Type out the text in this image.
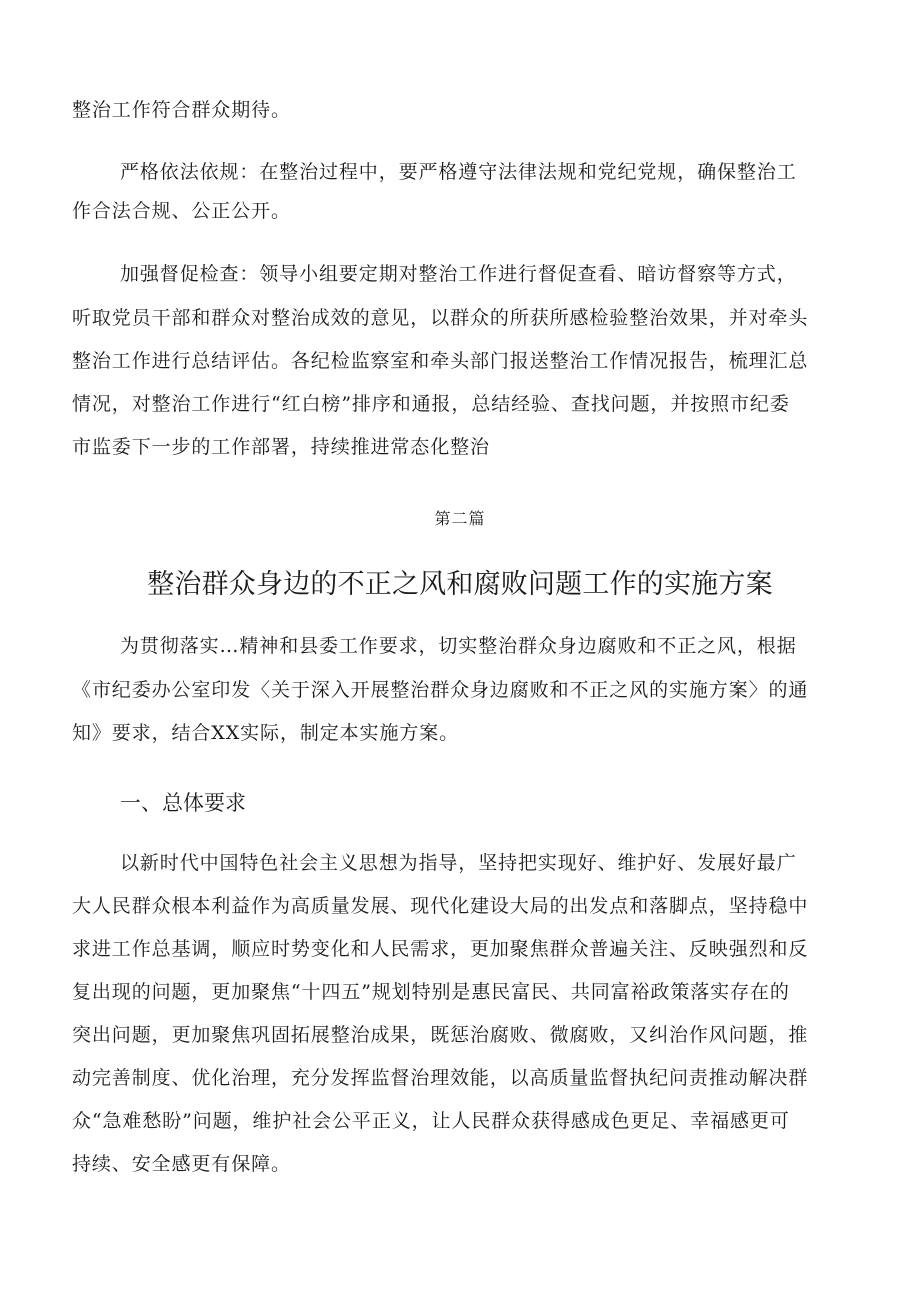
整治工作符合群众期待。
严格依法依规：在整治过程中，要严格遵守法律法规和党纪党规，确保整治工
作合法合规、公正公开。
加强督促检查：领导小组要定期对整治工作进行督促查看、暗访督察等方式，
听取党员干部和群众对整治成效的意见，以群众的所获所感检验整治效果，并对牵头
整治工作进行总结评估。各纪检监察室和牵头部门报送整治工作情况报告，梳理汇总
情况，对整治工作进行“红白榜”排序和通报，总结经验、查找问题，并按照市纪委
市监委下一步的工作部署，持续推进常态化整治
第二篇
整治群众身边的不正之风和腐败问题工作的实施方案
为贯彻落实…精神和县委工作要求，切实整治群众身边腐败和不正之风，根据
《市纪委办公室印发〈关于深入开展整治群众身边腐败和不正之风的实施方案〉的通
知》要求，结合XX实际，制定本实施方案。
一、总体要求
以新时代中国特色社会主义思想为指导，坚持把实现好、维护好、发展好最广
大人民群众根本利益作为高质量发展、现代化建设大局的出发点和落脚点，坚持稳中
求进工作总基调，顺应时势变化和人民需求，更加聚焦群众普遍关注、反映强烈和反
复出现的问题，更加聚焦“十四五”规划特别是惠民富民、共同富裕政策落实存在的
突出问题，更加聚焦巩固拓展整治成果，既惩治腐败、微腐败，又纠治作风问题，推
动完善制度、优化治理，充分发挥监督治理效能，以高质量监督执纪问责推动解决群
众“急难愁盼”问题，维护社会公平正义，让人民群众获得感成色更足、幸福感更可
持续、安全感更有保障。
